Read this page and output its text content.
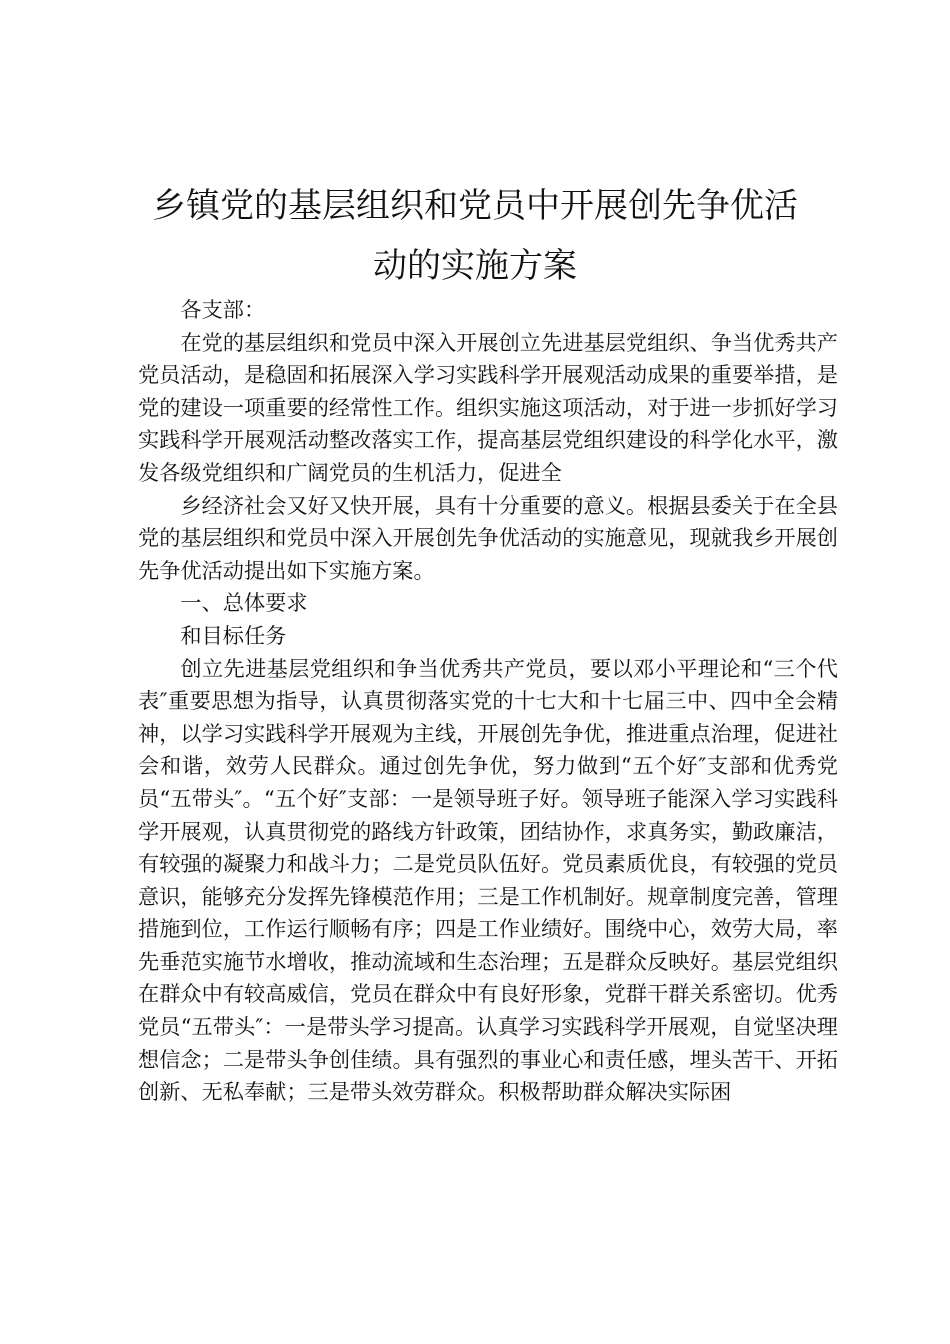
乡镇党的基层组织和党员中开展创先争优活
动的实施方案

各支部：

在党的基层组织和党员中深入开展创立先进基层党组织、争当优秀共产党员活动，是稳固和拓展深入学习实践科学开展观活动成果的重要举措，是党的建设一项重要的经常性工作。组织实施这项活动，对于进一步抓好学习实践科学开展观活动整改落实工作，提高基层党组织建设的科学化水平，激发各级党组织和广阔党员的生机活力，促进全

乡经济社会又好又快开展，具有十分重要的意义。根据县委关于在全县党的基层组织和党员中深入开展创先争优活动的实施意见，现就我乡开展创先争优活动提出如下实施方案。

一、总体要求

和目标任务

创立先进基层党组织和争当优秀共产党员，要以邓小平理论和“三个代表″重要思想为指导，认真贯彻落实党的十七大和十七届三中、四中全会精神，以学习实践科学开展观为主线，开展创先争优，推进重点治理，促进社会和谐，效劳人民群众。通过创先争优，努力做到“五个好″支部和优秀党员“五带头″。“五个好″支部：一是领导班子好。领导班子能深入学习实践科学开展观，认真贯彻党的路线方针政策，团结协作，求真务实，勤政廉洁，有较强的凝聚力和战斗力；二是党员队伍好。党员素质优良，有较强的党员意识，能够充分发挥先锋模范作用；三是工作机制好。规章制度完善，管理措施到位，工作运行顺畅有序；四是工作业绩好。围绕中心，效劳大局，率先垂范实施节水增收，推动流域和生态治理；五是群众反映好。基层党组织在群众中有较高威信，党员在群众中有良好形象，党群干群关系密切。优秀党员“五带头″：一是带头学习提高。认真学习实践科学开展观，自觉坚决理想信念；二是带头争创佳绩。具有强烈的事业心和责任感，埋头苦干、开拓创新、无私奉献；三是带头效劳群众。积极帮助群众解决实际困
